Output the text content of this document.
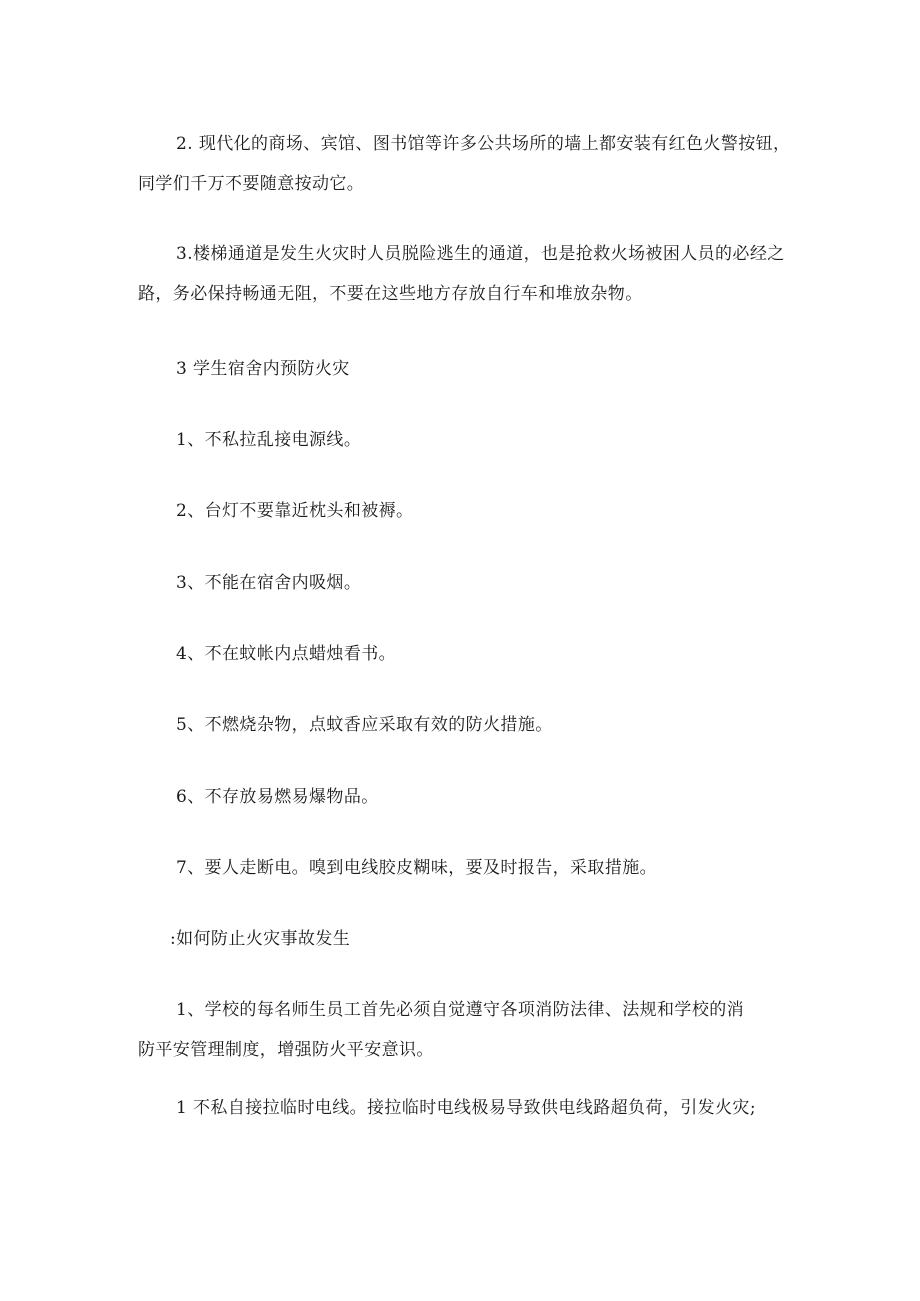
2. 现代化的商场、宾馆、图书馆等许多公共场所的墙上都安装有红色火警按钮，
同学们千万不要随意按动它。

3.楼梯通道是发生火灾时人员脱险逃生的通道，也是抢救火场被困人员的必经之
路，务必保持畅通无阻，不要在这些地方存放自行车和堆放杂物。

3 学生宿舍内预防火灾

1、不私拉乱接电源线。

2、台灯不要靠近枕头和被褥。

3、不能在宿舍内吸烟。

4、不在蚊帐内点蜡烛看书。

5、不燃烧杂物，点蚊香应采取有效的防火措施。

6、不存放易燃易爆物品。

7、要人走断电。嗅到电线胶皮糊味，要及时报告，采取措施。

:如何防止火灾事故发生

1、学校的每名师生员工首先必须自觉遵守各项消防法律、法规和学校的消
防平安管理制度，增强防火平安意识。

1 不私自接拉临时电线。接拉临时电线极易导致供电线路超负荷，引发火灾;
